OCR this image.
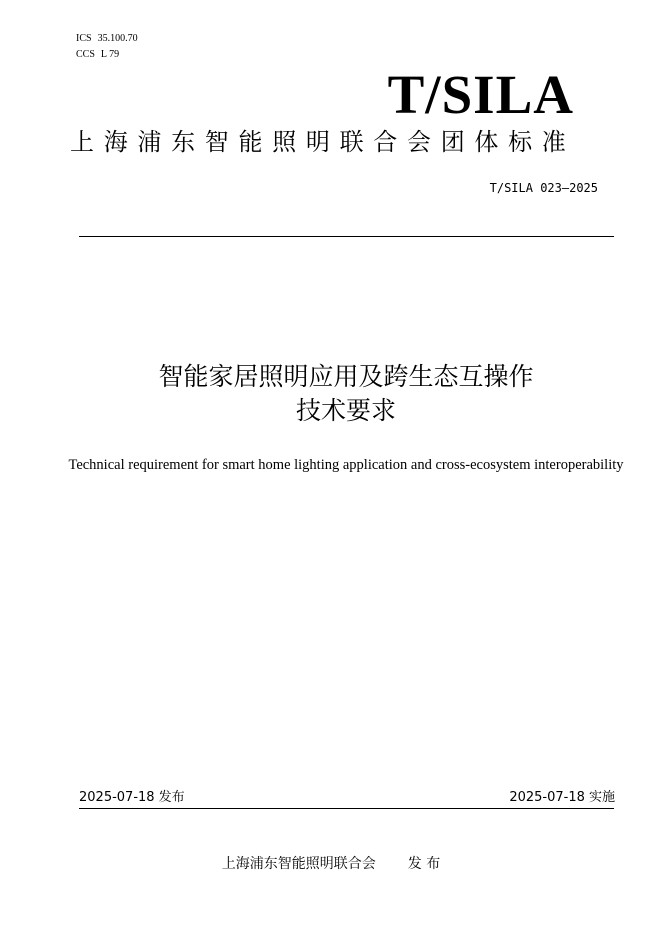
ICS 35.100.70
CCS L 79
T/SILA
上海浦东智能照明联合会团体标准
T/SILA 023—2025
智能家居照明应用及跨生态互操作
技术要求
Technical requirement for smart home lighting application and cross-ecosystem interoperability
2025-07-18 发布	2025-07-18 实施
上海浦东智能照明联合会 发 布
